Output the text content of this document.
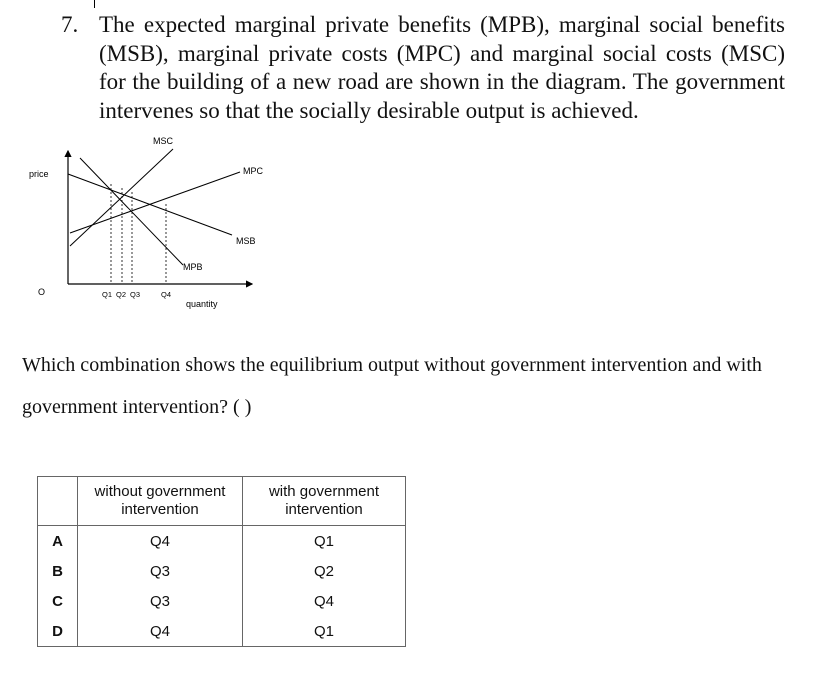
7. The expected marginal private benefits (MPB), marginal social benefits (MSB), marginal private costs (MPC) and marginal social costs (MSC) for the building of a new road are shown in the diagram. The government intervenes so that the socially desirable output is achieved.
MSC
MPC
MSB
MPB
price
quantity
O	Q1 Q2 Q3	Q4
Which combination shows the equilibrium output without government intervention and with
government intervention? ( )
	without government intervention	with government intervention
A	Q4	Q1
B	Q3	Q2
C	Q3	Q4
D	Q4	Q1
